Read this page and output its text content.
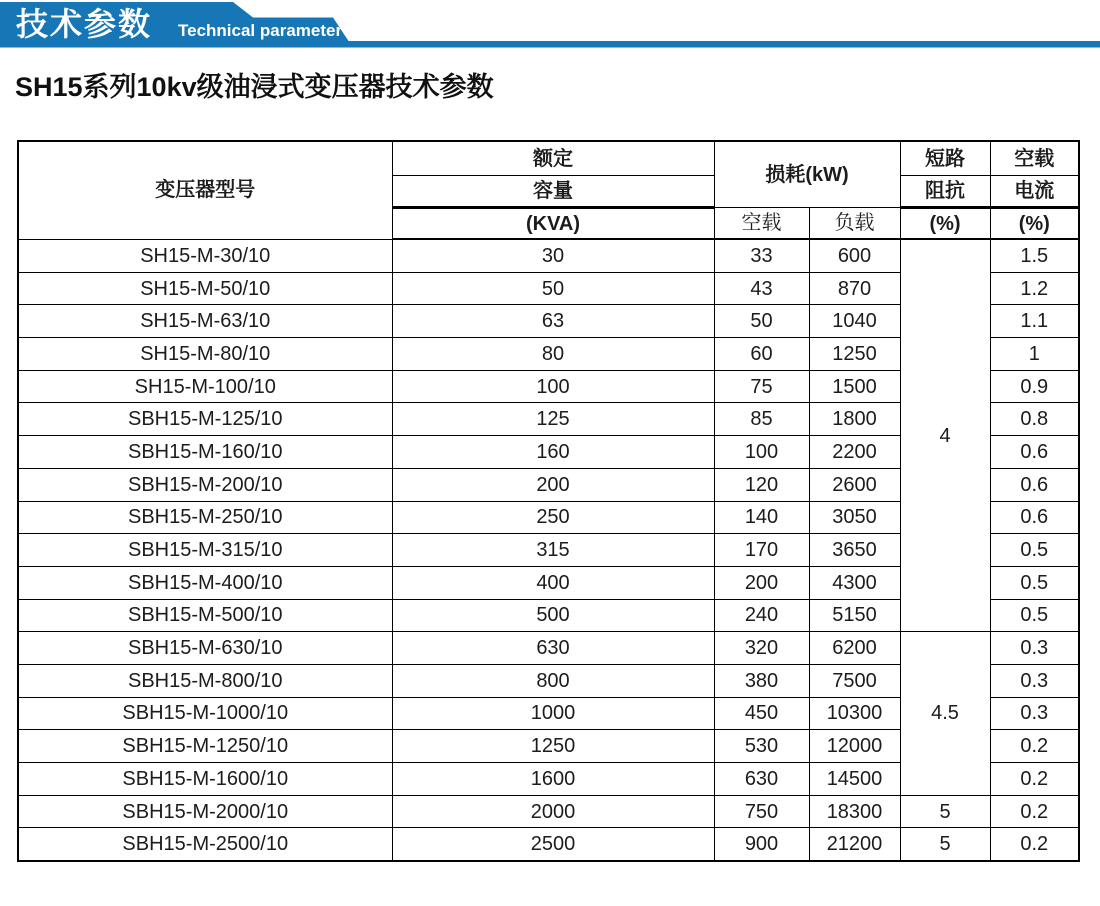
技术参数 Technical parameter
SH15系列10kv级油浸式变压器技术参数
变压器型号	额定	损耗(kW)		短路	空载
	容量			阻抗	电流
	(KVA)	空载	负载	(%)	(%)
SH15-M-30/10	30	33	600	4	1.5
SH15-M-50/10	50	43	870		1.2
SH15-M-63/10	63	50	1040		1.1
SH15-M-80/10	80	60	1250		1
SH15-M-100/10	100	75	1500		0.9
SBH15-M-125/10	125	85	1800		0.8
SBH15-M-160/10	160	100	2200		0.6
SBH15-M-200/10	200	120	2600		0.6
SBH15-M-250/10	250	140	3050		0.6
SBH15-M-315/10	315	170	3650		0.5
SBH15-M-400/10	400	200	4300		0.5
SBH15-M-500/10	500	240	5150		0.5
SBH15-M-630/10	630	320	6200	4.5	0.3
SBH15-M-800/10	800	380	7500		0.3
SBH15-M-1000/10	1000	450	10300		0.3
SBH15-M-1250/10	1250	530	12000		0.2
SBH15-M-1600/10	1600	630	14500		0.2
SBH15-M-2000/10	2000	750	18300	5	0.2
SBH15-M-2500/10	2500	900	21200	5	0.2
